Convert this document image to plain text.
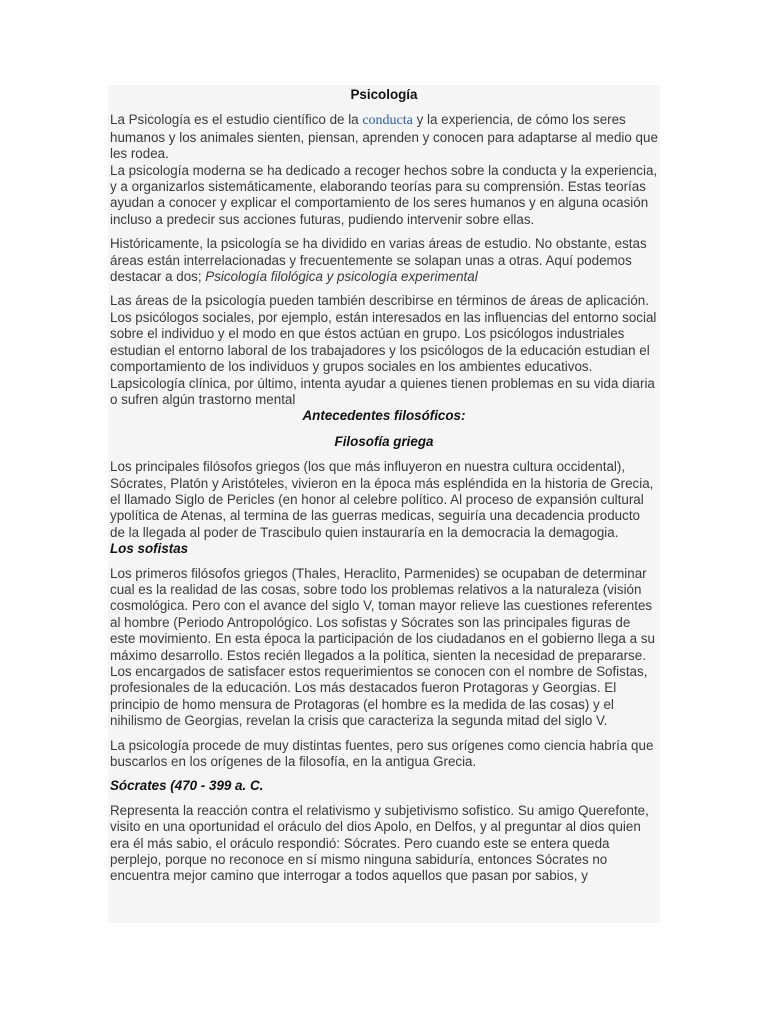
Psicología

La Psicología es el estudio científico de la conducta y la experiencia, de cómo los seres humanos y los animales sienten, piensan, aprenden y conocen para adaptarse al medio que les rodea.

La psicología moderna se ha dedicado a recoger hechos sobre la conducta y la experiencia, y a organizarlos sistemáticamente, elaborando teorías para su comprensión. Estas teorías ayudan a conocer y explicar el comportamiento de los seres humanos y en alguna ocasión incluso a predecir sus acciones futuras, pudiendo intervenir sobre ellas.

Históricamente, la psicología se ha dividido en varias áreas de estudio. No obstante, estas áreas están interrelacionadas y frecuentemente se solapan unas a otras. Aquí podemos destacar a dos; Psicología filológica y psicología experimental

Las áreas de la psicología pueden también describirse en términos de áreas de aplicación. Los psicólogos sociales, por ejemplo, están interesados en las influencias del entorno social sobre el individuo y el modo en que éstos actúan en grupo. Los psicólogos industriales estudian el entorno laboral de los trabajadores y los psicólogos de la educación estudian el comportamiento de los individuos y grupos sociales en los ambientes educativos. Lapsicología clínica, por último, intenta ayudar a quienes tienen problemas en su vida diaria o sufren algún trastorno mental

Antecedentes filosóficos:
Filosofía griega

Los principales filósofos griegos (los que más influyeron en nuestra cultura occidental), Sócrates, Platón y Aristóteles, vivieron en la época más espléndida en la historia de Grecia, el llamado Siglo de Pericles (en honor al celebre político. Al proceso de expansión cultural ypolítica de Atenas, al termina de las guerras medicas, seguiría una decadencia producto de la llegada al poder de Trascibulo quien instauraría en la democracia la demagogia.

Los sofistas

Los primeros filósofos griegos (Thales, Heraclito, Parmenides) se ocupaban de determinar cual es la realidad de las cosas, sobre todo los problemas relativos a la naturaleza (visión cosmológica. Pero con el avance del siglo V, toman mayor relieve las cuestiones referentes al hombre (Periodo Antropológico. Los sofistas y Sócrates son las principales figuras de este movimiento. En esta época la participación de los ciudadanos en el gobierno llega a su máximo desarrollo. Estos recién llegados a la política, sienten la necesidad de prepararse. Los encargados de satisfacer estos requerimientos se conocen con el nombre de Sofistas, profesionales de la educación. Los más destacados fueron Protagoras y Georgias. El principio de homo mensura de Protagoras (el hombre es la medida de las cosas) y el nihilismo de Georgias, revelan la crisis que caracteriza la segunda mitad del siglo V.

La psicología procede de muy distintas fuentes, pero sus orígenes como ciencia habría que buscarlos en los orígenes de la filosofía, en la antigua Grecia.

Sócrates (470 - 399 a. C.

Representa la reacción contra el relativismo y subjetivismo sofistico. Su amigo Querefonte, visito en una oportunidad el oráculo del dios Apolo, en Delfos, y al preguntar al dios quien era él más sabio, el oráculo respondió: Sócrates. Pero cuando este se entera queda perplejo, porque no reconoce en sí mismo ninguna sabiduría, entonces Sócrates no encuentra mejor camino que interrogar a todos aquellos que pasan por sabios, y
